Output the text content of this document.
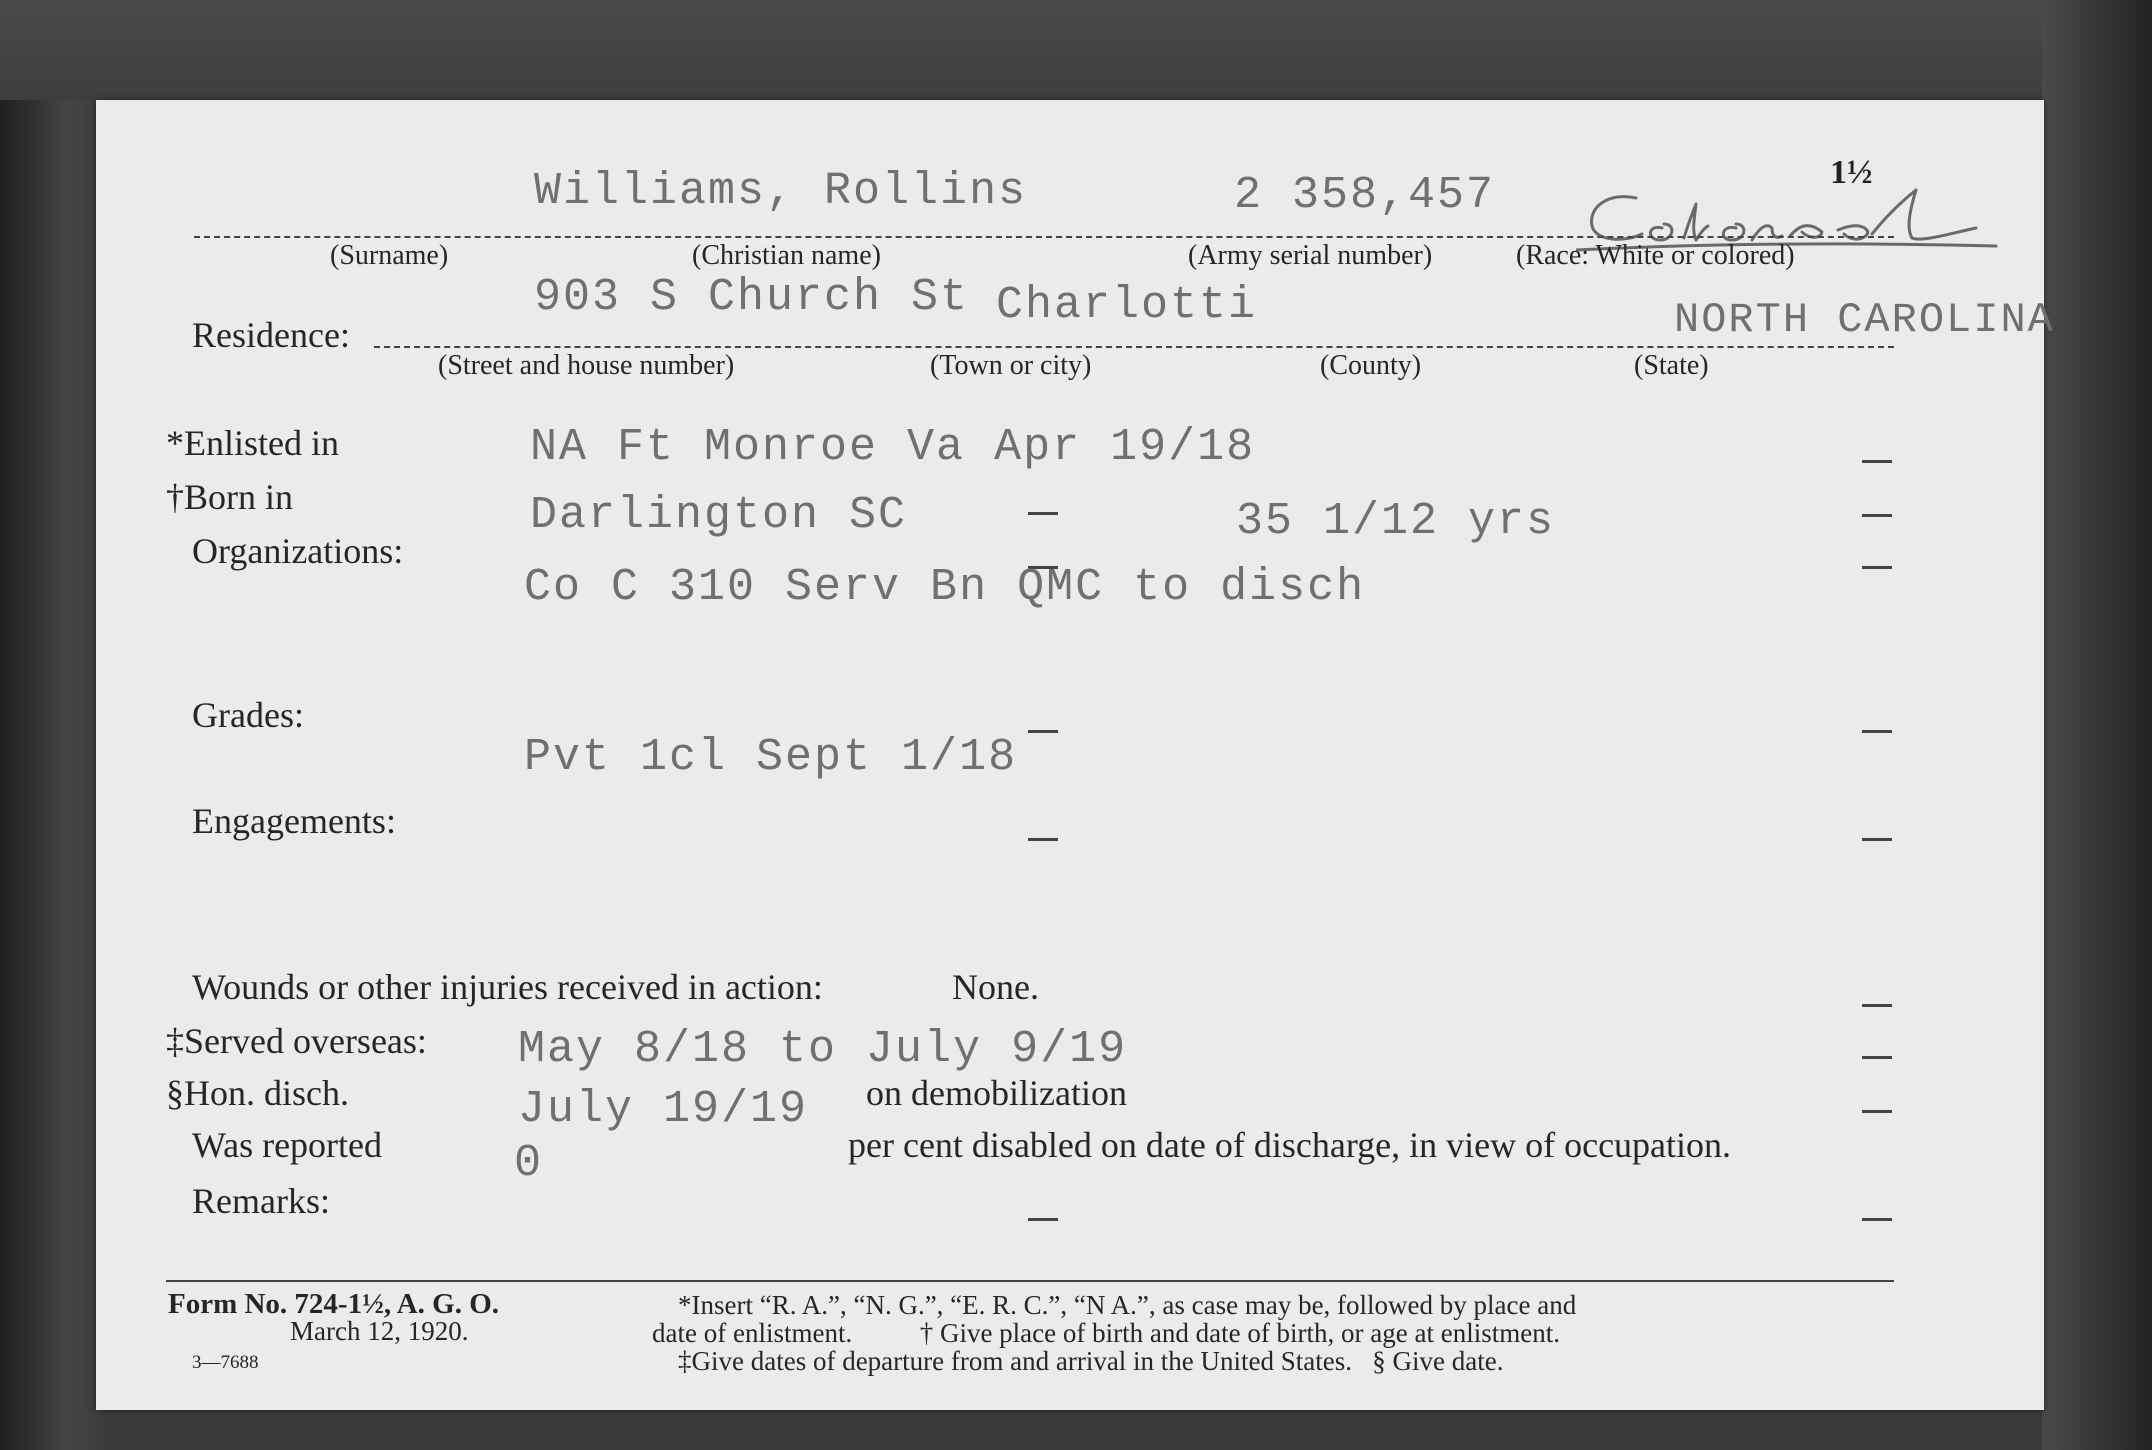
1½
Williams, Rollins	2 358,457
(Surname)	(Christian name)	(Army serial number)	(Race: White or colored)
903 S Church St Charlotti	NORTH CAROLINA
Residence:
(Street and house number)	(Town or city)	(County)	(State)
*Enlisted in	NA Ft Monroe Va Apr 19/18
†Born in	Darlington SC	35 1/12 yrs
Organizations:
Co C 310 Serv Bn QMC to disch
Grades:
Pvt 1cl Sept 1/18
Engagements:
Wounds or other injuries received in action:	None.
‡Served overseas: May 8/18 to July 9/19
§Hon. disch.	July 19/19 on demobilization
Was reported	0	per cent disabled on date of discharge, in view of occupation.
Remarks:
Form No. 724-1½, A. G. O.
March 12, 1920.
3—7688
*Insert “R. A.”, “N. G.”, “E. R. C.”, “N A.”, as case may be, followed by place and
date of enlistment.          † Give place of birth and date of birth, or age at enlistment.
‡Give dates of departure from and arrival in the United States.   § Give date.
